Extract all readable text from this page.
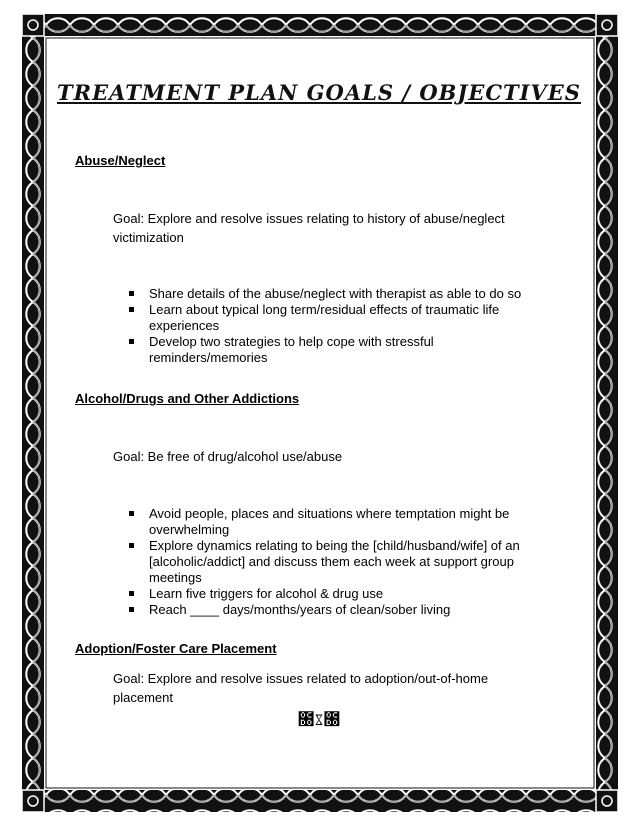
TREATMENT PLAN GOALS / OBJECTIVES
Abuse/Neglect
Goal: Explore and resolve issues relating to history of abuse/neglect victimization
Share details of the abuse/neglect with therapist as able to do so
Learn about typical long term/residual effects of traumatic life experiences
Develop two strategies to help cope with stressful reminders/memories
Alcohol/Drugs and Other Addictions
Goal: Be free of drug/alcohol use/abuse
Avoid people, places and situations where temptation might be overwhelming
Explore dynamics relating to being the [child/husband/wife] of an [alcoholic/addict] and discuss them each week at support group meetings
Learn five triggers for alcohol & drug use
Reach ____ days/months/years of clean/sober living
Adoption/Foster Care Placement
Goal: Explore and resolve issues related to adoption/out-of-home placement
೐ೱ೐
